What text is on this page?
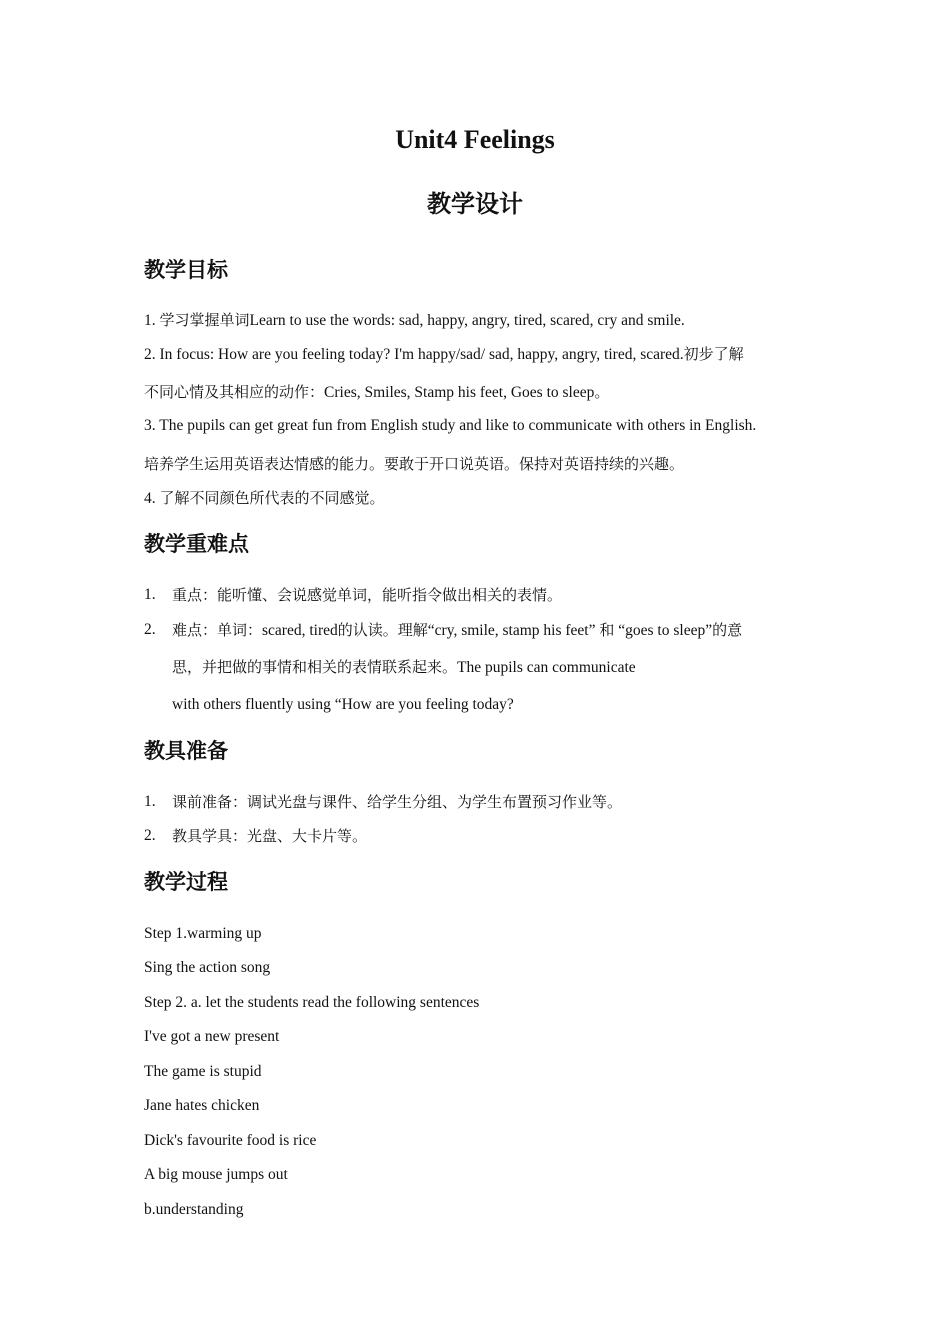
Unit4 Feelings
教学设计
教学目标
1. 学习掌握单词Learn to use the words: sad, happy, angry, tired, scared, cry and smile.
2. In focus: How are you feeling today? I'm happy/sad/ sad, happy, angry, tired, scared.初步了解
不同心情及其相应的动作：Cries, Smiles, Stamp his feet, Goes to sleep。
3. The pupils can get great fun from English study and like to communicate with others in English.
培养学生运用英语表达情感的能力。要敢于开口说英语。保持对英语持续的兴趣。
4. 了解不同颜色所代表的不同感觉。
教学重难点
1. 重点：能听懂、会说感觉单词，能听指令做出相关的表情。
2. 难点：单词：scared, tired的认读。理解“cry, smile, stamp his feet” 和 “goes to sleep”的意
思，并把做的事情和相关的表情联系起来。The pupils can communicate
with others fluently using “How are you feeling today?
教具准备
1. 课前准备：调试光盘与课件、给学生分组、为学生布置预习作业等。
2. 教具学具：光盘、大卡片等。
教学过程
Step 1.warming up
Sing the action song
Step 2. a. let the students read the following sentences
I've got a new present
The game is stupid
Jane hates chicken
Dick's favourite food is rice
A big mouse jumps out
b.understanding
